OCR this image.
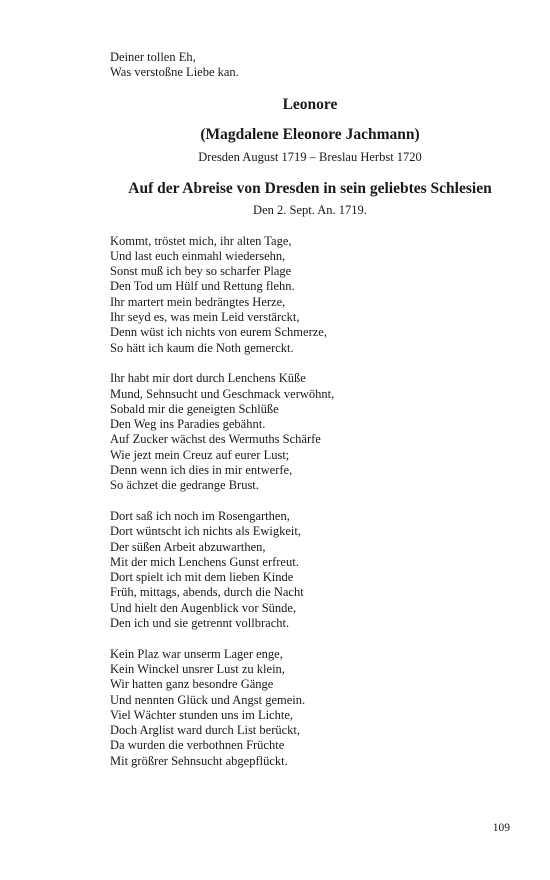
Deiner tollen Eh,
Was verstoßne Liebe kan.
Leonore
(Magdalene Eleonore Jachmann)
Dresden August 1719 – Breslau Herbst 1720
Auf der Abreise von Dresden in sein geliebtes Schlesien
Den 2. Sept. An. 1719.
Kommt, tröstet mich, ihr alten Tage,
Und last euch einmahl wiedersehn,
Sonst muß ich bey so scharfer Plage
Den Tod um Hülf und Rettung flehn.
Ihr martert mein bedrängtes Herze,
Ihr seyd es, was mein Leid verstärckt,
Denn wüst ich nichts von eurem Schmerze,
So hätt ich kaum die Noth gemerckt.
Ihr habt mir dort durch Lenchens Küße
Mund, Sehnsucht und Geschmack verwöhnt,
Sobald mir die geneigten Schlüße
Den Weg ins Paradies gebähnt.
Auf Zucker wächst des Wermuths Schärfe
Wie jezt mein Creuz auf eurer Lust;
Denn wenn ich dies in mir entwerfe,
So ächzet die gedrange Brust.
Dort saß ich noch im Rosengarthen,
Dort wüntscht ich nichts als Ewigkeit,
Der süßen Arbeit abzuwarthen,
Mit der mich Lenchens Gunst erfreut.
Dort spielt ich mit dem lieben Kinde
Früh, mittags, abends, durch die Nacht
Und hielt den Augenblick vor Sünde,
Den ich und sie getrennt vollbracht.
Kein Plaz war unserm Lager enge,
Kein Winckel unsrer Lust zu klein,
Wir hatten ganz besondre Gänge
Und nennten Glück und Angst gemein.
Viel Wächter stunden uns im Lichte,
Doch Arglist ward durch List berückt,
Da wurden die verbothnen Früchte
Mit größrer Sehnsucht abgepflückt.
109
